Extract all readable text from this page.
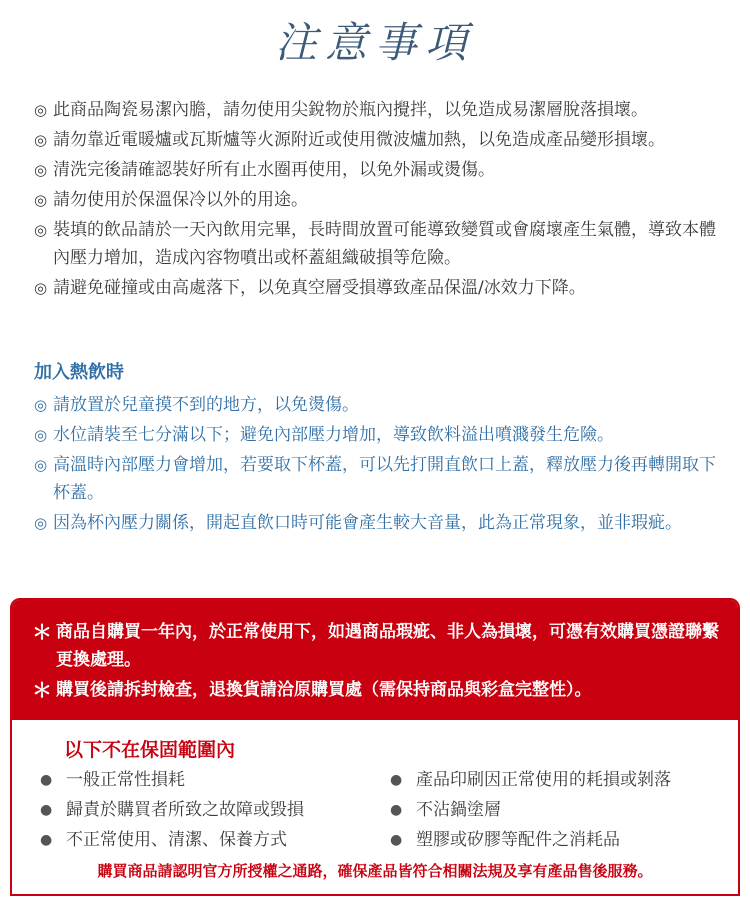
注意事項
◎ 此商品陶瓷易潔內膽，請勿使用尖銳物於瓶內攪拌，以免造成易潔層脫落損壞。
◎ 請勿靠近電暖爐或瓦斯爐等火源附近或使用微波爐加熱，以免造成產品變形損壞。
◎ 清洗完後請確認裝好所有止水圈再使用，以免外漏或燙傷。
◎ 請勿使用於保溫保冷以外的用途。
◎ 裝填的飲品請於一天內飲用完畢，長時間放置可能導致變質或會腐壞產生氣體，導致本體內壓力增加，造成內容物噴出或杯蓋組織破損等危險。
◎ 請避免碰撞或由高處落下，以免真空層受損導致產品保溫/冰效力下降。
加入熱飲時
◎ 請放置於兒童摸不到的地方，以免燙傷。
◎ 水位請裝至七分滿以下；避免內部壓力增加，導致飲料溢出噴濺發生危險。
◎ 高溫時內部壓力會增加，若要取下杯蓋，可以先打開直飲口上蓋，釋放壓力後再轉開取下
杯蓋。
◎ 因為杯內壓力關係，開起直飲口時可能會產生較大音量，此為正常現象，並非瑕疵。
＊ 商品自購買一年內，於正常使用下，如遇商品瑕疵、非人為損壞，可憑有效購買憑證聯繫更換處理。
＊ 購買後請拆封檢查，退換貨請洽原購買處（需保持商品與彩盒完整性）。
以下不在保固範圍內
● 一般正常性損耗
● 歸責於購買者所致之故障或毀損
● 不正常使用、清潔、保養方式
● 產品印刷因正常使用的耗損或剝落
● 不沾鍋塗層
● 塑膠或矽膠等配件之消耗品

購買商品請認明官方所授權之通路，確保產品皆符合相關法規及享有產品售後服務。
